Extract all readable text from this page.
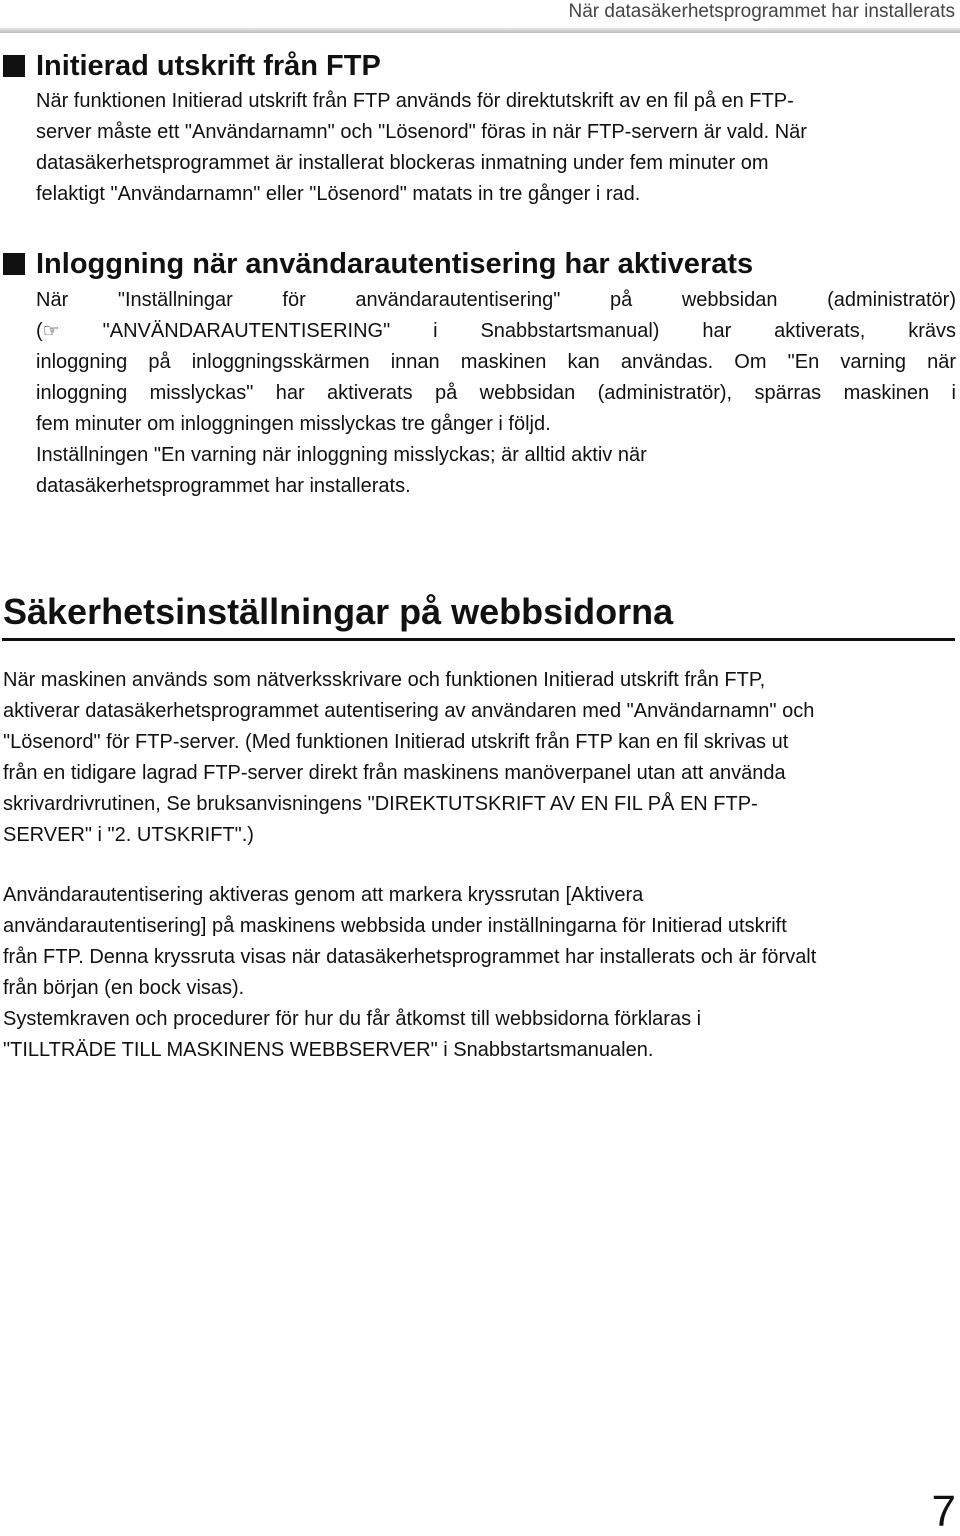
När datasäkerhetsprogrammet har installerats
Initierad utskrift från FTP
När funktionen Initierad utskrift från FTP används för direktutskrift av en fil på en FTP-
server måste ett "Användarnamn" och "Lösenord" föras in när FTP-servern är vald. När
datasäkerhetsprogrammet är installerat blockeras inmatning under fem minuter om
felaktigt "Användarnamn" eller "Lösenord" matats in tre gånger i rad.
Inloggning när användarautentisering har aktiverats
När "Inställningar för användarautentisering" på webbsidan (administratör)
(☞ "ANVÄNDARAUTENTISERING" i Snabbstartsmanual) har aktiverats, krävs
inloggning på inloggningsskärmen innan maskinen kan användas. Om "En varning när
inloggning misslyckas" har aktiverats på webbsidan (administratör), spärras maskinen i
fem minuter om inloggningen misslyckas tre gånger i följd.
Inställningen "En varning när inloggning misslyckas; är alltid aktiv när
datasäkerhetsprogrammet har installerats.
Säkerhetsinställningar på webbsidorna
När maskinen används som nätverksskrivare och funktionen Initierad utskrift från FTP,
aktiverar datasäkerhetsprogrammet autentisering av användaren med "Användarnamn" och
"Lösenord" för FTP-server. (Med funktionen Initierad utskrift från FTP kan en fil skrivas ut
från en tidigare lagrad FTP-server direkt från maskinens manöverpanel utan att använda
skrivardrivrutinen, Se bruksanvisningens "DIREKTUTSKRIFT AV EN FIL PÅ EN FTP-
SERVER" i "2. UTSKRIFT".)
Användarautentisering aktiveras genom att markera kryssrutan [Aktivera
användarautentisering] på maskinens webbsida under inställningarna för Initierad utskrift
från FTP. Denna kryssruta visas när datasäkerhetsprogrammet har installerats och är förvalt
från början (en bock visas).
Systemkraven och procedurer för hur du får åtkomst till webbsidorna förklaras i
"TILLTRÄDE TILL MASKINENS WEBBSERVER" i Snabbstartsmanualen.
7
